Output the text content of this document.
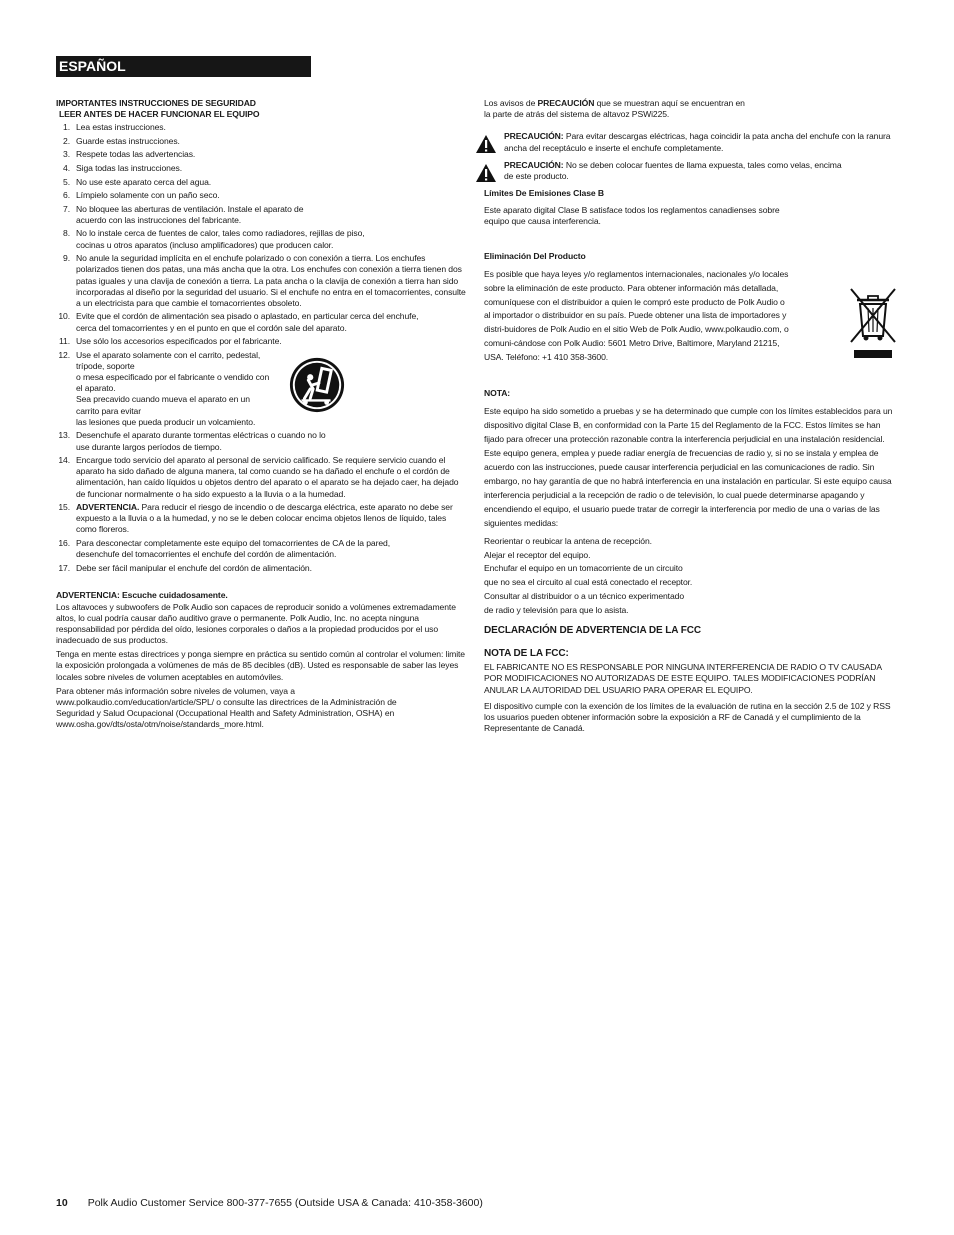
ESPAÑOL
IMPORTANTES INSTRUCCIONES DE SEGURIDAD
LEER ANTES DE HACER FUNCIONAR EL EQUIPO
1. Lea estas instrucciones.
2. Guarde estas instrucciones.
3. Respete todas las advertencias.
4. Siga todas las instrucciones.
5. No use este aparato cerca del agua.
6. Límpielo solamente con un paño seco.
7. No bloquee las aberturas de ventilación. Instale el aparato de acuerdo con las instrucciones del fabricante.
8. No lo instale cerca de fuentes de calor, tales como radiadores, rejillas de piso, cocinas u otros aparatos (incluso amplificadores) que producen calor.
9. No anule la seguridad implícita en el enchufe polarizado o con conexión a tierra. Los enchufes polarizados tienen dos patas, una más ancha que la otra. Los enchufes con conexión a tierra tienen dos patas iguales y una clavija de conexión a tierra. La pata ancha o la clavija de conexión a tierra han sido incorporadas al diseño por la seguridad del usuario. Si el enchufe no entra en el tomacorrientes, consulte a un electricista para que cambie el tomacorrientes obsoleto.
10. Evite que el cordón de alimentación sea pisado o aplastado, en particular cerca del enchufe, cerca del tomacorrientes y en el punto en que el cordón sale del aparato.
11. Use sólo los accesorios especificados por el fabricante.
12. Use el aparato solamente con el carrito, pedestal,
trípode, soporte
o mesa especificado por el fabricante o vendido con
el aparato.
Sea precavido cuando mueva el aparato en un
carrito para evitar
las lesiones que pueda producir un volcamiento.
13. Desenchufe el aparato durante tormentas eléctricas o cuando no lo use durante largos períodos de tiempo.
14. Encargue todo servicio del aparato al personal de servicio calificado. Se requiere servicio cuando el aparato ha sido dañado de alguna manera, tal como cuando se ha dañado el enchufe o el cordón de alimentación, han caído líquidos u objetos dentro del aparato o el aparato se ha dejado caer, ha dejado de funcionar normalmente o ha sido expuesto a la lluvia o a la humedad.
15. ADVERTENCIA. Para reducir el riesgo de incendio o de descarga eléctrica, este aparato no debe ser expuesto a la lluvia o a la humedad, y no se le deben colocar encima objetos llenos de líquido, tales como floreros.
16. Para desconectar completamente este equipo del tomacorrientes de CA de la pared, desenchufe del tomacorrientes el enchufe del cordón de alimentación.
17. Debe ser fácil manipular el enchufe del cordón de alimentación.
ADVERTENCIA: Escuche cuidadosamente.
Los altavoces y subwoofers de Polk Audio son capaces de reproducir sonido a volúmenes extremadamente altos, lo cual podría causar daño auditivo grave o permanente. Polk Audio, Inc. no acepta ninguna responsabilidad por pérdida del oído, lesiones corporales o daños a la propiedad producidos por el uso inadecuado de sus productos.
Tenga en mente estas directrices y ponga siempre en práctica su sentido común al controlar el volumen: limite la exposición prolongada a volúmenes de más de 85 decibles (dB). Usted es responsable de saber las leyes locales sobre niveles de volumen aceptables en automóviles.
Para obtener más información sobre niveles de volumen, vaya a www.polkaudio.com/education/article/SPL/ o consulte las directrices de la Administración de Seguridad y Salud Ocupacional (Occupational Health and Safety Administration, OSHA) en www.osha.gov/dts/osta/otm/noise/standards_more.html.
Los avisos de PRECAUCIÓN que se muestran aquí se encuentran en la parte de atrás del sistema de altavoz PSWi225.
PRECAUCIÓN: Para evitar descargas eléctricas, haga coincidir la pata ancha del enchufe con la ranura ancha del receptáculo e inserte el enchufe completamente.
PRECAUCIÓN: No se deben colocar fuentes de llama expuesta, tales como velas, encima de este producto.
Límites De Emisiones Clase B
Este aparato digital Clase B satisface todos los reglamentos canadienses sobre equipo que causa interferencia.
Eliminación Del Producto
Es posible que haya leyes y/o reglamentos internacionales, nacionales y/o locales sobre la eliminación de este producto. Para obtener información más detallada, comuníquese con el distribuidor a quien le compró este producto de Polk Audio o al importador o distribuidor en su país. Puede obtener una lista de importadores y distri-buidores de Polk Audio en el sitio Web de Polk Audio, www.polkaudio.com, o comuni-cándose con Polk Audio: 5601 Metro Drive, Baltimore, Maryland 21215, USA. Teléfono: +1 410 358-3600.
NOTA:
Este equipo ha sido sometido a pruebas y se ha determinado que cumple con los límites establecidos para un dispositivo digital Clase B, en conformidad con la Parte 15 del Reglamento de la FCC. Estos límites se han fijado para ofrecer una protección razonable contra la interferencia perjudicial en una instalación residencial. Este equipo genera, emplea y puede radiar energía de frecuencias de radio y, si no se instala y emplea de acuerdo con las instrucciones, puede causar interferencia perjudicial en las comunicaciones de radio. Sin embargo, no hay garantía de que no habrá interferencia en una instalación en particular. Si este equipo causa interferencia perjudicial a la recepción de radio o de televisión, lo cual puede determinarse apagando y encendiendo el equipo, el usuario puede tratar de corregir la interferencia por medio de una o varias de las siguientes medidas:
Reorientar o reubicar la antena de recepción.
Alejar el receptor del equipo.
Enchufar el equipo en un tomacorriente de un circuito
que no sea el circuito al cual está conectado el receptor.
Consultar al distribuidor o a un técnico experimentado
de radio y televisión para que lo asista.
DECLARACIÓN DE ADVERTENCIA DE LA FCC
NOTA DE LA FCC:
EL FABRICANTE NO ES RESPONSABLE POR NINGUNA INTERFERENCIA DE RADIO O TV CAUSADA POR MODIFICACIONES NO AUTORIZADAS DE ESTE EQUIPO. TALES MODIFICACIONES PODRÍAN ANULAR LA AUTORIDAD DEL USUARIO PARA OPERAR EL EQUIPO.
El dispositivo cumple con la exención de los límites de la evaluación de rutina en la sección 2.5 de 102 y RSS los usuarios pueden obtener información sobre la exposición a RF de Canadá y el cumplimiento de la Representante de Canadá.
10 Polk Audio Customer Service 800-377-7655 (Outside USA & Canada: 410-358-3600)
